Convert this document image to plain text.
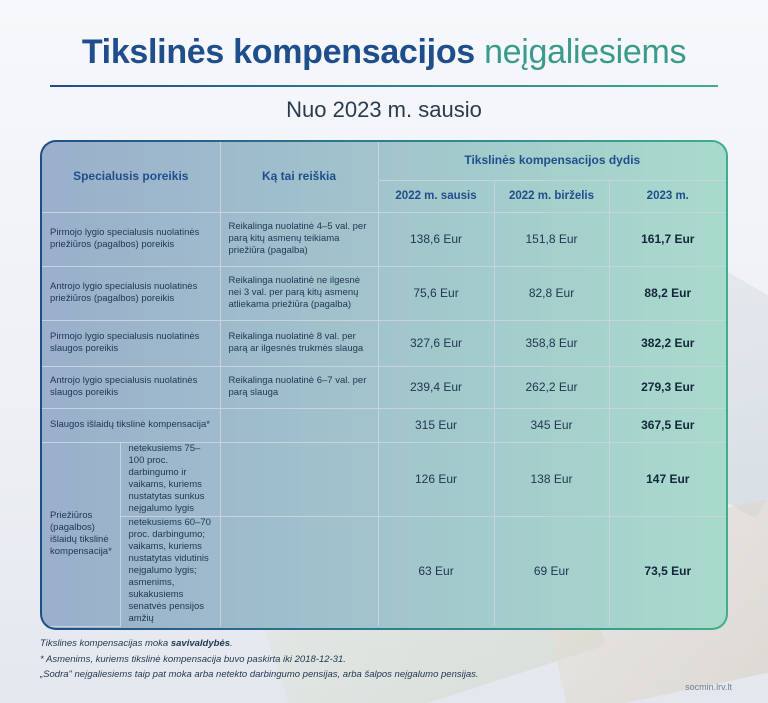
Tikslinės kompensacijos neįgaliesiems
Nuo 2023 m. sausio
Specialusis poreikis		Ką tai reiškia	Tikslinės kompensacijos dydis		
			2022 m. sausis	2022 m. birželis	2023 m.
Pirmojo lygio specialusis nuolatinės priežiūros (pagalbos) poreikis		Reikalinga nuolatinė 4–5 val. per parą kitų asmenų teikiama priežiūra (pagalba)	138,6 Eur	151,8 Eur	161,7 Eur
Antrojo lygio specialusis nuolatinės priežiūros (pagalbos) poreikis		Reikalinga nuolatinė ne ilgesnė nei 3 val. per parą kitų asmenų atliekama priežiūra (pagalba)	75,6 Eur	82,8 Eur	88,2 Eur
Pirmojo lygio specialusis nuolatinės slaugos poreikis		Reikalinga nuolatinė 8 val. per parą ar ilgesnės trukmės slauga	327,6 Eur	358,8 Eur	382,2 Eur
Antrojo lygio specialusis nuolatinės slaugos poreikis		Reikalinga nuolatinė 6–7 val. per parą slauga	239,4 Eur	262,2 Eur	279,3 Eur
Slaugos išlaidų tikslinė kompensacija*			315 Eur	345 Eur	367,5 Eur
Priežiūros (pagalbos) išlaidų tikslinė kompensacija*	netekusiems 75–100 proc. darbingumo ir vaikams, kuriems nustatytas sunkus neįgalumo lygis		126 Eur	138 Eur	147 Eur
	netekusiems 60–70 proc. darbingumo; vaikams, kuriems nustatytas vidutinis neįgalumo lygis; asmenims, sukakusiems senatvės pensijos amžių		63 Eur	69 Eur	73,5 Eur
Tikslines kompensacijas moka savivaldybės.
* Asmenims, kuriems tikslinė kompensacija buvo paskirta iki 2018-12-31.
„Sodra" neįgaliesiems taip pat moka arba netekto darbingumo pensijas, arba šalpos neįgalumo pensijas.
socmin.lrv.lt
